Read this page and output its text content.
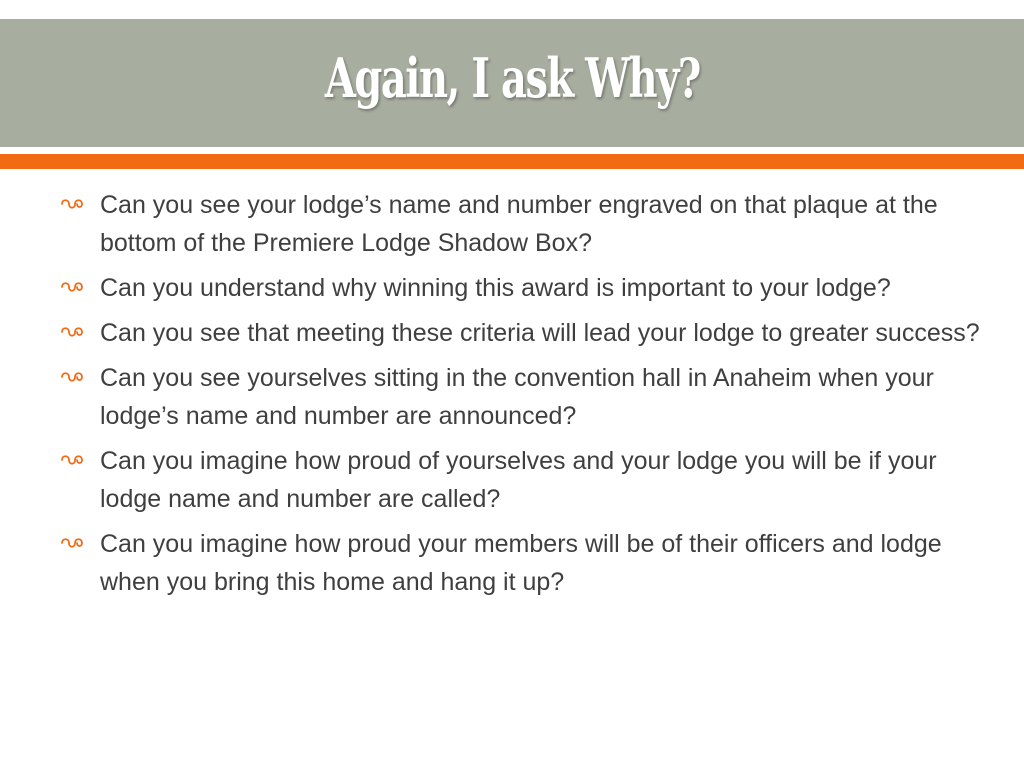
Again, I ask Why?
Can you see your lodge’s name and number engraved on that plaque at the bottom of the Premiere Lodge Shadow Box?
Can you understand why winning this award is important to your lodge?
Can you see that meeting these criteria will lead your lodge to greater success?
Can you see yourselves sitting in the convention hall in Anaheim when your lodge’s name and number are announced?
Can you imagine how proud of yourselves and your lodge you will be if your lodge name and number are called?
Can you imagine how proud your members will be of their officers and lodge when you bring this home and hang it up?
